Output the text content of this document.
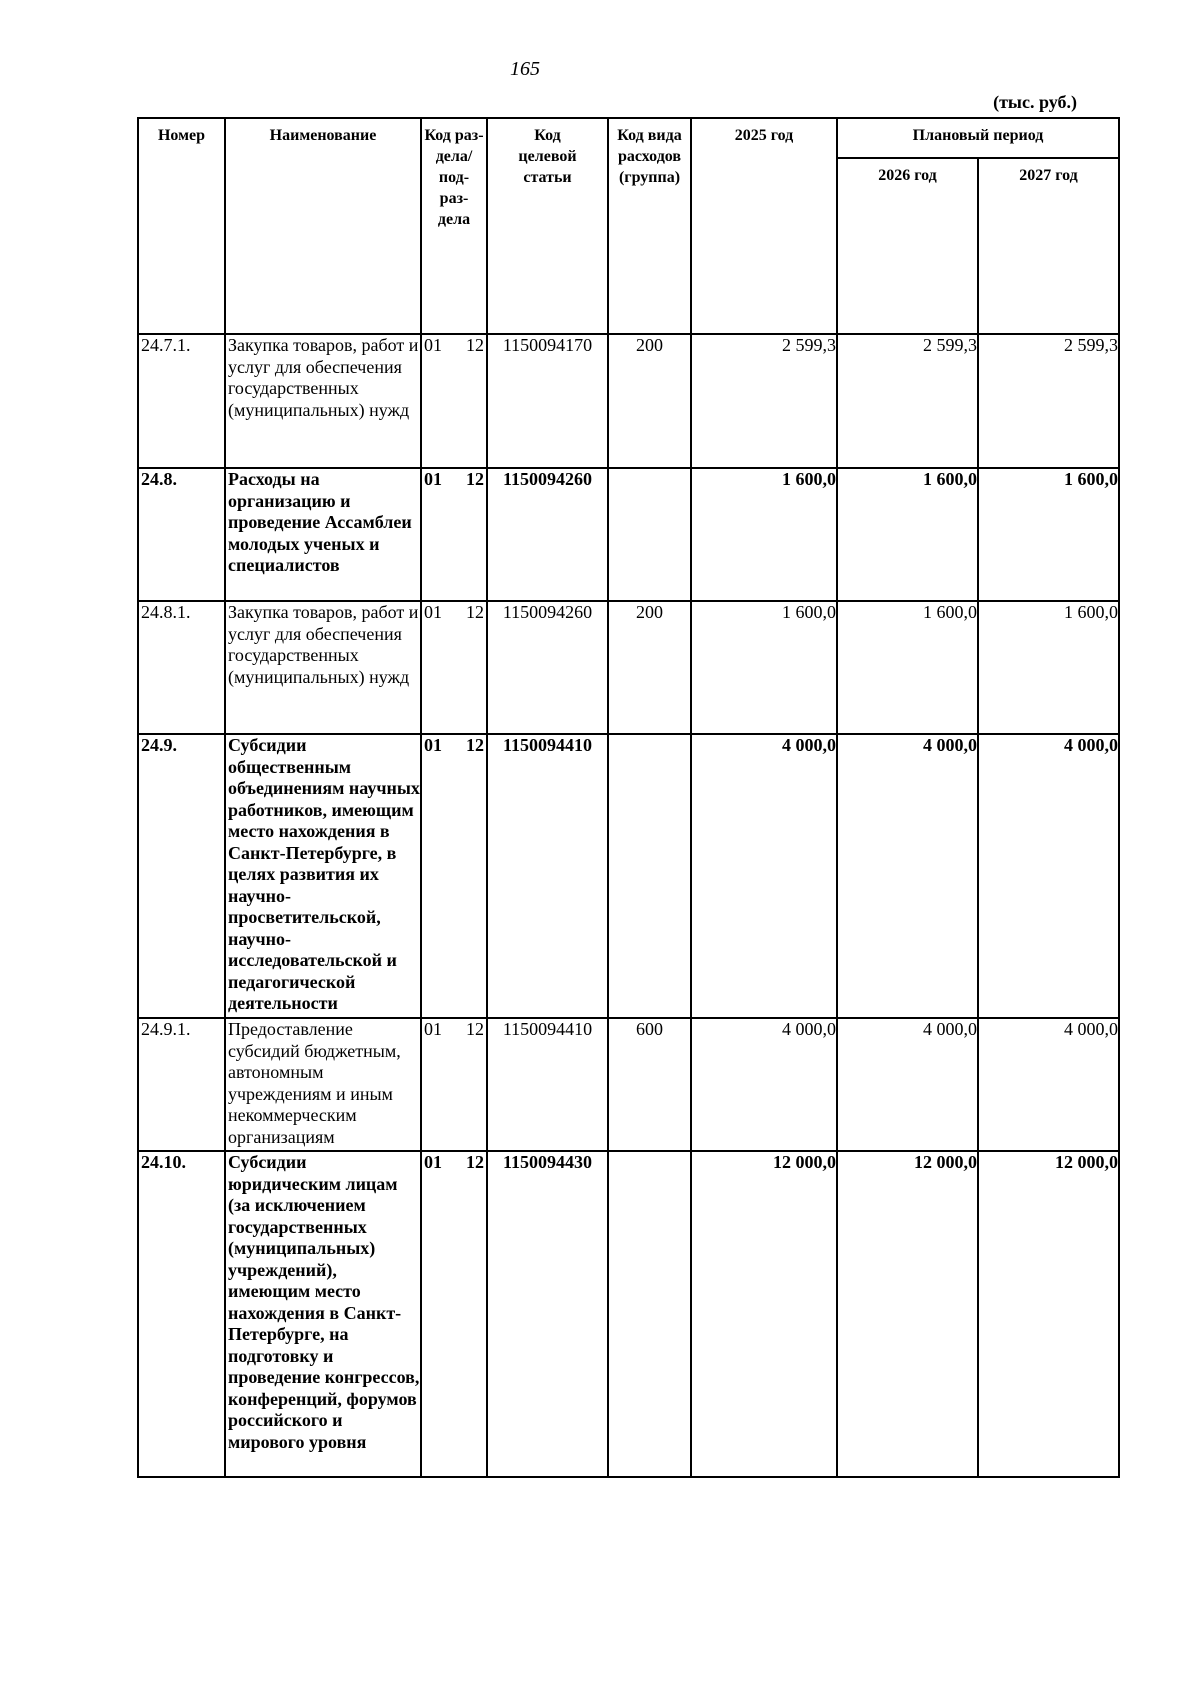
165
(тыс. руб.)
Номер	Наименование	Код раз-
дела/
под-
раз-
дела	Код
целевой
статьи	Код вида
расходов
(группа)	2025 год	Плановый период	
						2026 год	2027 год
24.7.1.	Закупка товаров, работ и услуг для обеспечения государственных (муниципальных) нужд	01 12	1150094170	200	2 599,3	2 599,3	2 599,3
24.8.	Расходы на организацию и проведение Ассамблеи молодых ученых и специалистов	01 12	1150094260		1 600,0	1 600,0	1 600,0
24.8.1.	Закупка товаров, работ и услуг для обеспечения государственных (муниципальных) нужд	01 12	1150094260	200	1 600,0	1 600,0	1 600,0
24.9.	Субсидии общественным объединениям научных работников, имеющим место нахождения в Санкт-Петербурге, в целях развития их научно-просветительской, научно-исследовательской и педагогической деятельности	01 12	1150094410		4 000,0	4 000,0	4 000,0
24.9.1.	Предоставление субсидий бюджетным, автономным учреждениям и иным некоммерческим организациям	01 12	1150094410	600	4 000,0	4 000,0	4 000,0
24.10.	Субсидии юридическим лицам (за исключением государственных (муниципальных) учреждений), имеющим место нахождения в Санкт-Петербурге, на подготовку и проведение конгрессов, конференций, форумов российского и мирового уровня	01 12	1150094430		12 000,0	12 000,0	12 000,0
